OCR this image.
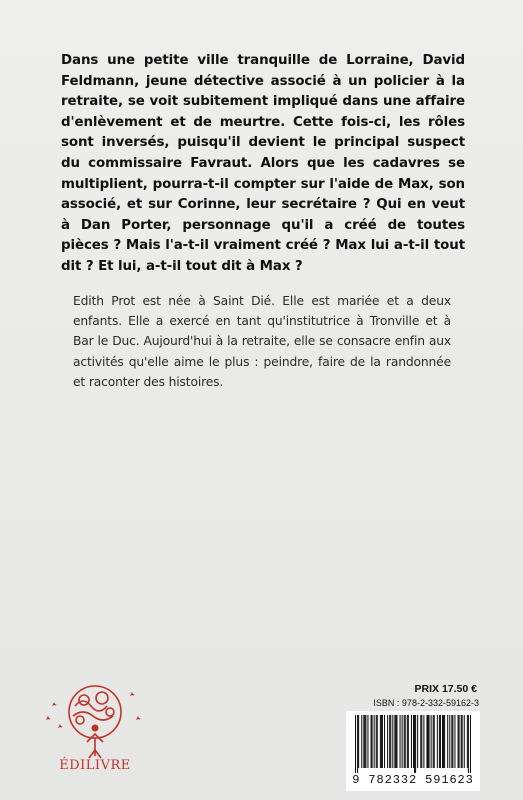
Dans une petite ville tranquille de Lorraine, David Feldmann, jeune détective associé à un policier à la retraite, se voit subitement impliqué dans une affaire d'enlèvement et de meurtre. Cette fois-ci, les rôles sont inversés, puisqu'il devient le principal suspect du commissaire Favraut. Alors que les cadavres se multiplient, pourra-t-il compter sur l'aide de Max, son associé, et sur Corinne, leur secrétaire ? Qui en veut à Dan Porter, personnage qu'il a créé de toutes pièces ? Mais l'a-t-il vraiment créé ? Max lui a-t-il tout dit ? Et lui, a-t-il tout dit à Max ?
Edith Prot est née à Saint Dié. Elle est mariée et a deux enfants. Elle a exercé en tant qu'institutrice à Tronville et à Bar le Duc. Aujourd'hui à la retraite, elle se consacre enfin aux activités qu'elle aime le plus : peindre, faire de la randonnée et raconter des histoires.
ÉDILIVRE
PRIX 17.50 €
ISBN : 978-2-332-59162-3
9 782332 591623
